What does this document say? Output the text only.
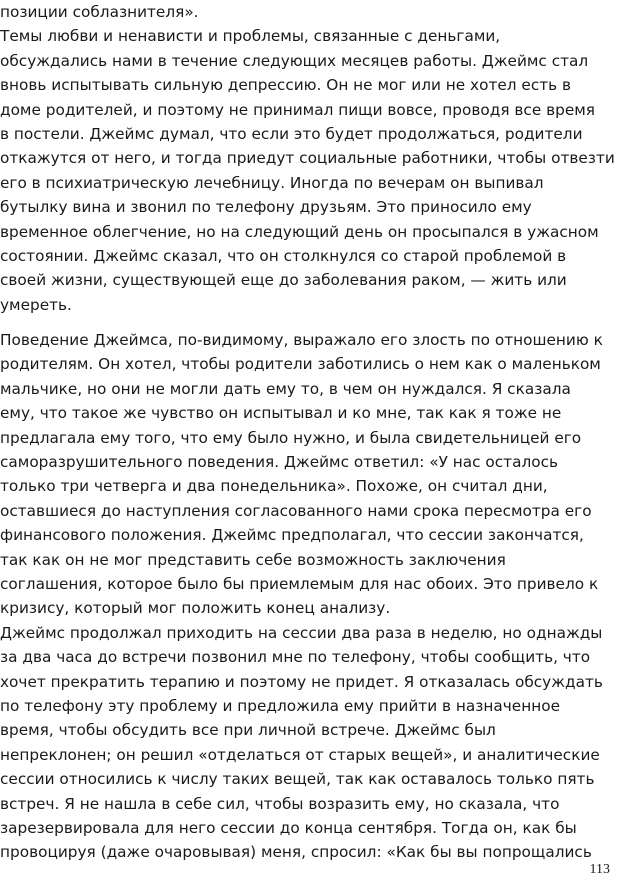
позиции соблазнителя».
Темы любви и ненависти и проблемы, связанные с деньгами,
обсуждались нами в течение следующих месяцев работы. Джеймс стал
вновь испытывать сильную депрессию. Он не мог или не хотел есть в
доме родителей, и поэтому не принимал пищи вовсе, проводя все время
в постели. Джеймс думал, что если это будет продолжаться, родители
откажутся от него, и тогда приедут социальные работники, чтобы отвезти
его в психиатрическую лечебницу. Иногда по вечерам он выпивал
бутылку вина и звонил по телефону друзьям. Это приносило ему
временное облегчение, но на следующий день он просыпался в ужасном
состоянии. Джеймс сказал, что он столкнулся со старой проблемой в
своей жизни, существующей еще до заболевания раком, — жить или
умереть.
Поведение Джеймса, по-видимому, выражало его злость по отношению к
родителям. Он хотел, чтобы родители заботились о нем как о маленьком
мальчике, но они не могли дать ему то, в чем он нуждался. Я сказала
ему, что такое же чувство он испытывал и ко мне, так как я тоже не
предлагала ему того, что ему было нужно, и была свидетельницей его
саморазрушительного поведения. Джеймс ответил: «У нас осталось
только три четверга и два понедельника». Похоже, он считал дни,
оставшиеся до наступления согласованного нами срока пересмотра его
финансового положения. Джеймс предполагал, что сессии закончатся,
так как он не мог представить себе возможность заключения
соглашения, которое было бы приемлемым для нас обоих. Это привело к
кризису, который мог положить конец анализу.
Джеймс продолжал приходить на сессии два раза в неделю, но однажды
за два часа до встречи позвонил мне по телефону, чтобы сообщить, что
хочет прекратить терапию и поэтому не придет. Я отказалась обсуждать
по телефону эту проблему и предложила ему прийти в назначенное
время, чтобы обсудить все при личной встрече. Джеймс был
непреклонен; он решил «отделаться от старых вещей», и аналитические
сессии относились к числу таких вещей, так как оставалось только пять
встреч. Я не нашла в себе сил, чтобы возразить ему, но сказала, что
зарезервировала для него сессии до конца сентября. Тогда он, как бы
провоцируя (даже очаровывая) меня, спросил: «Как бы вы попрощались
113
